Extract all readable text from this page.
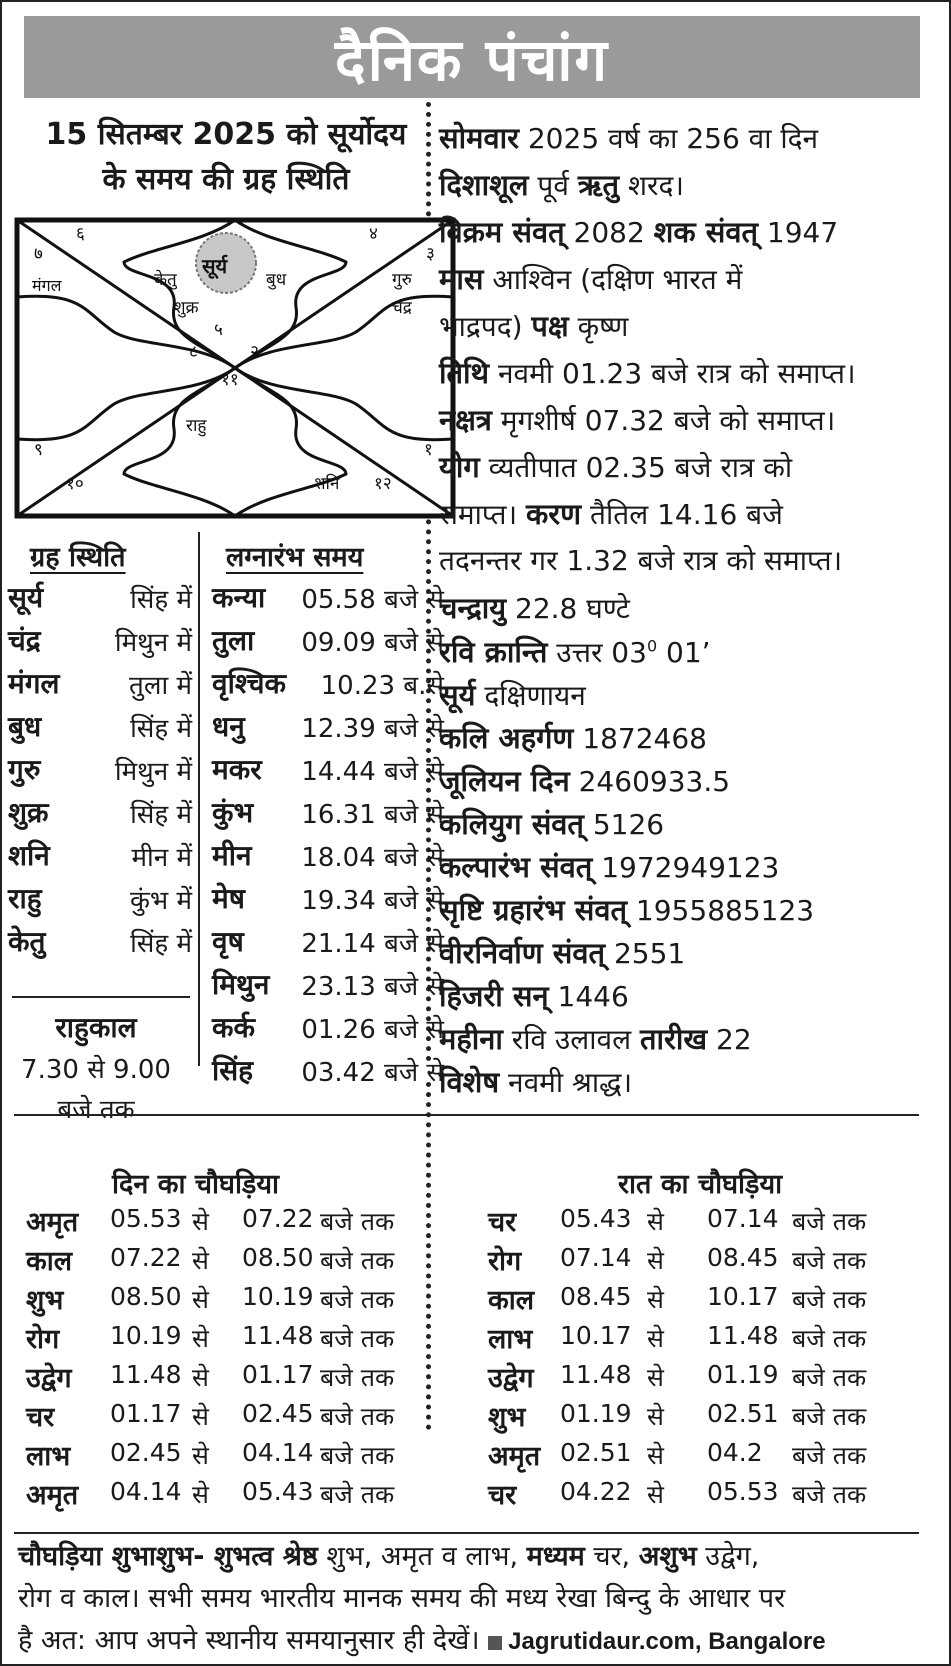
दैनिक पंचांग
15 सितम्बर 2025 को सूर्योदय
के समय की ग्रह स्थिति
६	४
७	३
५
८	२
११
९	१
१०	१२
मंगल	केतु
सूर्य
बुध	गुरु
चंद्र
शुक्र
राहु
शनि
ग्रह स्थिति	लग्नारंभ समय
सूर्य	सिंह में
चंद्र	मिथुन में
मंगल	तुला में
बुध	सिंह में
गुरु	मिथुन में
शुक्र	सिंह में
शनि	मीन में
राहु	कुंभ में
केतु	सिंह में
कन्या 05.58 बजे से
तुला 09.09 बजे से
वृश्चिक 10.23 ब.से
धनु 12.39 बजे से
मकर 14.44 बजे से
कुंभ 16.31 बजे से
मीन 18.04 बजे से
मेष 19.34 बजे से
वृष 21.14 बजे से
मिथुन 23.13 बजे से
कर्क 01.26 बजे से
सिंह 03.42 बजे से
राहुकाल
7.30 से 9.00
बजे तक
सोमवार 2025 वर्ष का 256 वा दिन
दिशाशूल पूर्व ऋतु शरद।
विक्रम संवत् 2082 शक संवत् 1947
मास आश्विन (दक्षिण भारत में
भाद्रपद) पक्ष कृष्ण
तिथि नवमी 01.23 बजे रात्र को समाप्त।
नक्षत्र मृगशीर्ष 07.32 बजे को समाप्त।
योग व्यतीपात 02.35 बजे रात्र को
समाप्त। करण तैतिल 14.16 बजे
तदनन्तर गर 1.32 बजे रात्र को समाप्त।
चन्द्रायु 22.8 घण्टे
रवि क्रान्ति उत्तर $03^0$ 01’
सूर्य दक्षिणायन
कलि अहर्गण 1872468
जूलियन दिन 2460933.5
कलियुग संवत् 5126
कल्पारंभ संवत् 1972949123
सृष्टि ग्रहारंभ संवत् 1955885123
वीरनिर्वाण संवत् 2551
हिजरी सन् 1446
महीना रवि उलावल तारीख 22
विशेष नवमी श्राद्ध।
दिन का चौघड़िया	रात का चौघड़िया
अमृत 05.53 से 07.22 बजे तक
काल 07.22 से 08.50 बजे तक
शुभ 08.50 से 10.19 बजे तक
रोग 10.19 से 11.48 बजे तक
उद्वेग 11.48 से 01.17 बजे तक
चर 01.17 से 02.45 बजे तक
लाभ 02.45 से 04.14 बजे तक
अमृत 04.14 से 05.43 बजे तक
चर 05.43 से 07.14 बजे तक
रोग 07.14 से 08.45 बजे तक
काल 08.45 से 10.17 बजे तक
लाभ 10.17 से 11.48 बजे तक
उद्वेग 11.48 से 01.19 बजे तक
शुभ 01.19 से 02.51 बजे तक
अमृत 02.51 से 04.2 बजे तक
चर 04.22 से 05.53 बजे तक
चौघड़िया शुभाशुभ- शुभत्व श्रेष्ठ शुभ, अमृत व लाभ, मध्यम चर, अशुभ उद्वेग,
रोग व काल। सभी समय भारतीय मानक समय की मध्य रेखा बिन्दु के आधार पर
है अत: आप अपने स्थानीय समयानुसार ही देखें। Jagrutidaur.com, Bangalore
